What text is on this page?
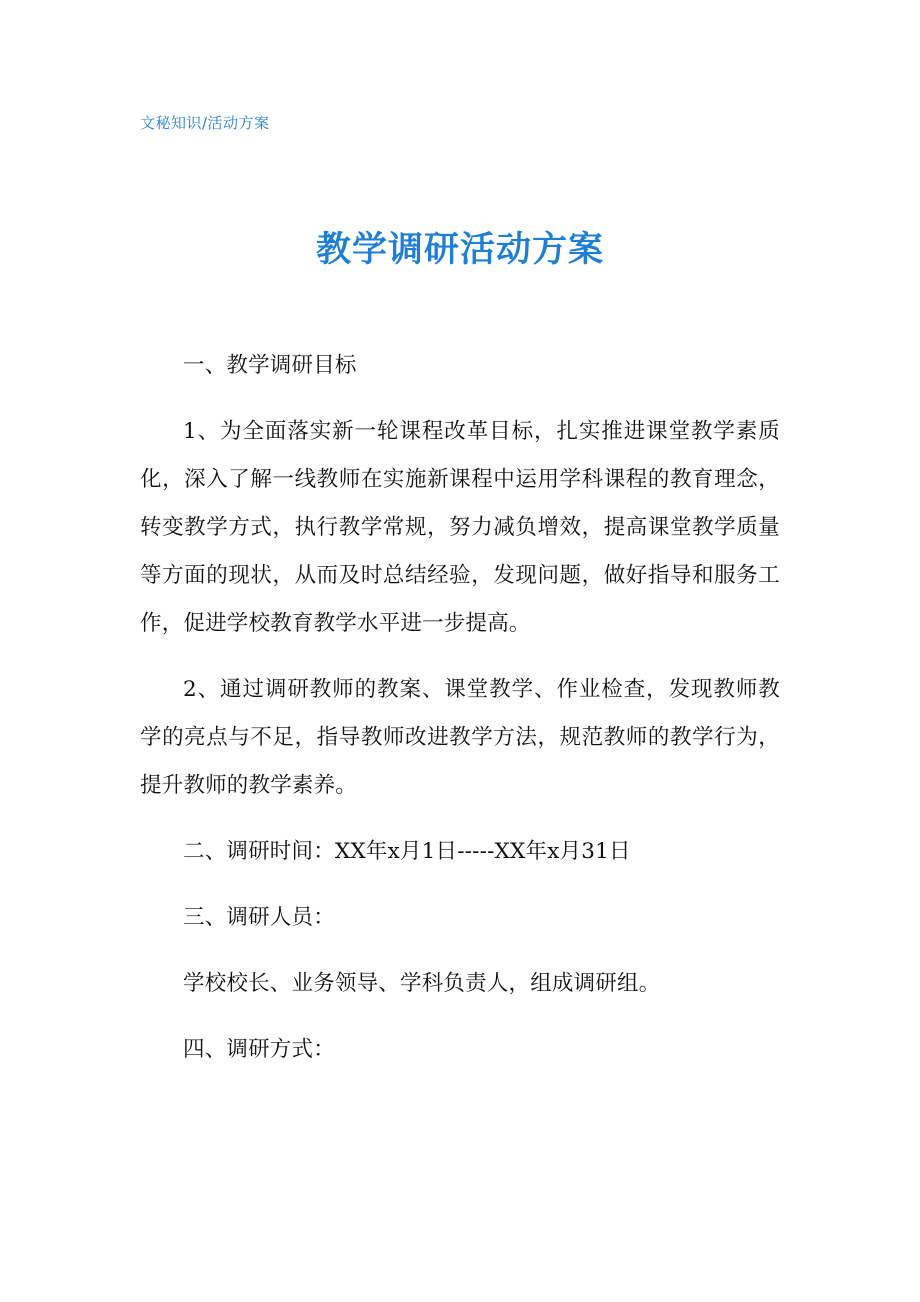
文秘知识/活动方案
教学调研活动方案

一、教学调研目标

1、为全面落实新一轮课程改革目标，扎实推进课堂教学素质化，深入了解一线教师在实施新课程中运用学科课程的教育理念，转变教学方式，执行教学常规，努力减负增效，提高课堂教学质量等方面的现状，从而及时总结经验，发现问题，做好指导和服务工作，促进学校教育教学水平进一步提高。

2、通过调研教师的教案、课堂教学、作业检查，发现教师教学的亮点与不足，指导教师改进教学方法，规范教师的教学行为，提升教师的教学素养。

二、调研时间：XX年x月1日-----XX年x月31日

三、调研人员：

学校校长、业务领导、学科负责人，组成调研组。

四、调研方式：
